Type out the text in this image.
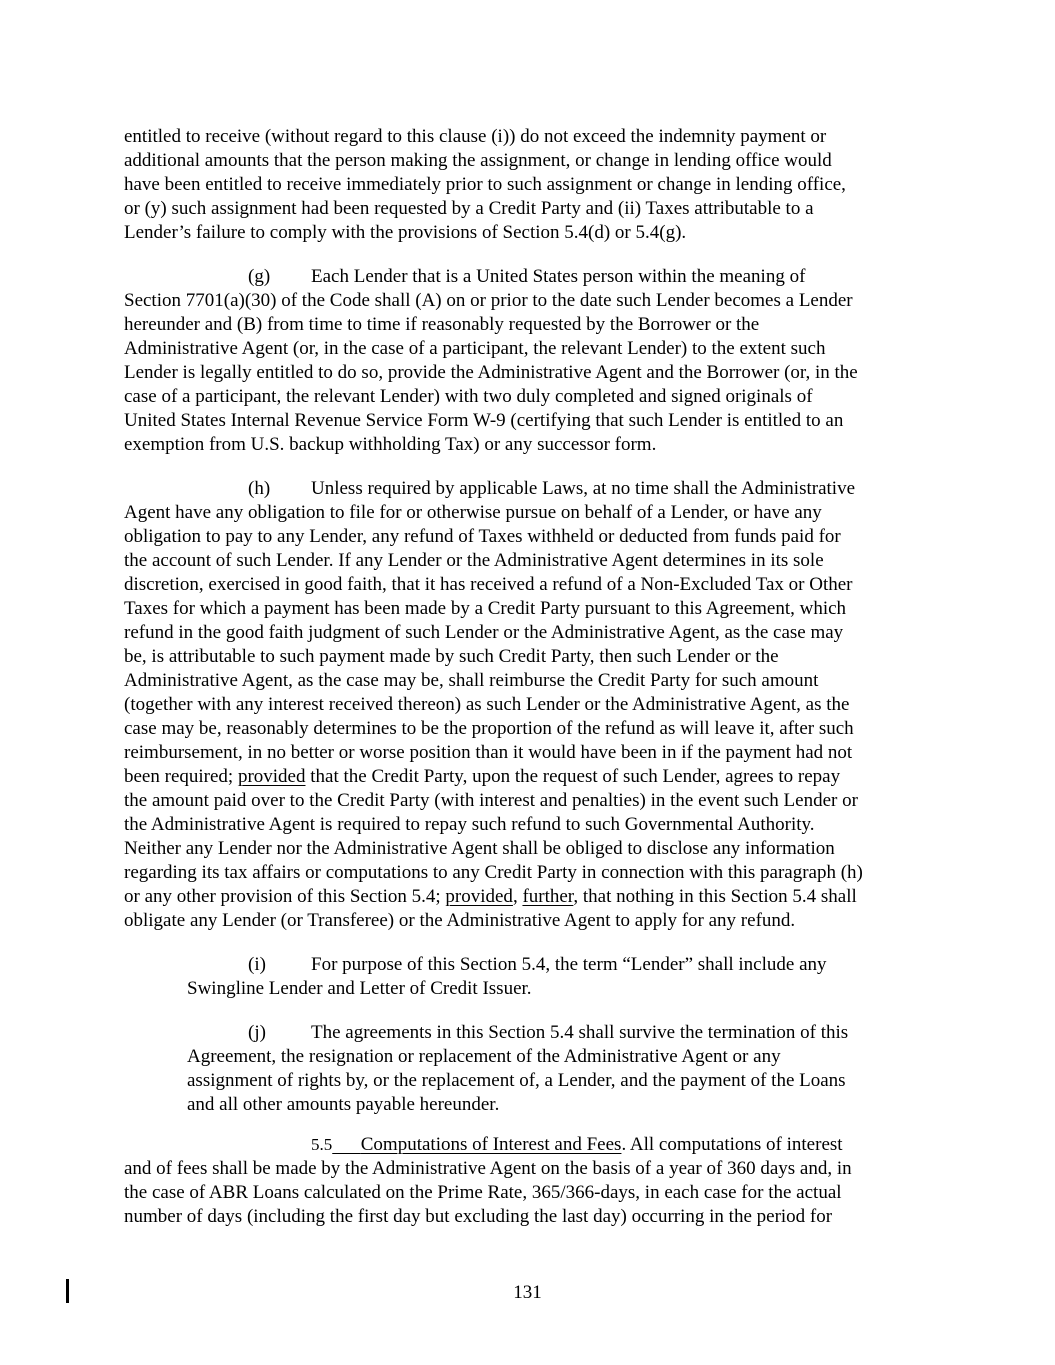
entitled to receive (without regard to this clause (i)) do not exceed the indemnity payment or
additional amounts that the person making the assignment, or change in lending office would
have been entitled to receive immediately prior to such assignment or change in lending office,
or (y) such assignment had been requested by a Credit Party and (ii) Taxes attributable to a
Lender’s failure to comply with the provisions of Section 5.4(d) or 5.4(g).
(g) Each Lender that is a United States person within the meaning of
Section 7701(a)(30) of the Code shall (A) on or prior to the date such Lender becomes a Lender
hereunder and (B) from time to time if reasonably requested by the Borrower or the
Administrative Agent (or, in the case of a participant, the relevant Lender) to the extent such
Lender is legally entitled to do so, provide the Administrative Agent and the Borrower (or, in the
case of a participant, the relevant Lender) with two duly completed and signed originals of
United States Internal Revenue Service Form W-9 (certifying that such Lender is entitled to an
exemption from U.S. backup withholding Tax) or any successor form.
(h) Unless required by applicable Laws, at no time shall the Administrative
Agent have any obligation to file for or otherwise pursue on behalf of a Lender, or have any
obligation to pay to any Lender, any refund of Taxes withheld or deducted from funds paid for
the account of such Lender. If any Lender or the Administrative Agent determines in its sole
discretion, exercised in good faith, that it has received a refund of a Non-Excluded Tax or Other
Taxes for which a payment has been made by a Credit Party pursuant to this Agreement, which
refund in the good faith judgment of such Lender or the Administrative Agent, as the case may
be, is attributable to such payment made by such Credit Party, then such Lender or the
Administrative Agent, as the case may be, shall reimburse the Credit Party for such amount
(together with any interest received thereon) as such Lender or the Administrative Agent, as the
case may be, reasonably determines to be the proportion of the refund as will leave it, after such
reimbursement, in no better or worse position than it would have been in if the payment had not
been required; provided that the Credit Party, upon the request of such Lender, agrees to repay
the amount paid over to the Credit Party (with interest and penalties) in the event such Lender or
the Administrative Agent is required to repay such refund to such Governmental Authority.
Neither any Lender nor the Administrative Agent shall be obliged to disclose any information
regarding its tax affairs or computations to any Credit Party in connection with this paragraph (h)
or any other provision of this Section 5.4; provided, further, that nothing in this Section 5.4 shall
obligate any Lender (or Transferee) or the Administrative Agent to apply for any refund.
(i) For purpose of this Section 5.4, the term “Lender” shall include any
Swingline Lender and Letter of Credit Issuer.
(j) The agreements in this Section 5.4 shall survive the termination of this
Agreement, the resignation or replacement of the Administrative Agent or any
assignment of rights by, or the replacement of, a Lender, and the payment of the Loans
and all other amounts payable hereunder.
5.5   Computations of Interest and Fees. All computations of interest
and of fees shall be made by the Administrative Agent on the basis of a year of 360 days and, in
the case of ABR Loans calculated on the Prime Rate, 365/366-days, in each case for the actual
number of days (including the first day but excluding the last day) occurring in the period for
131
